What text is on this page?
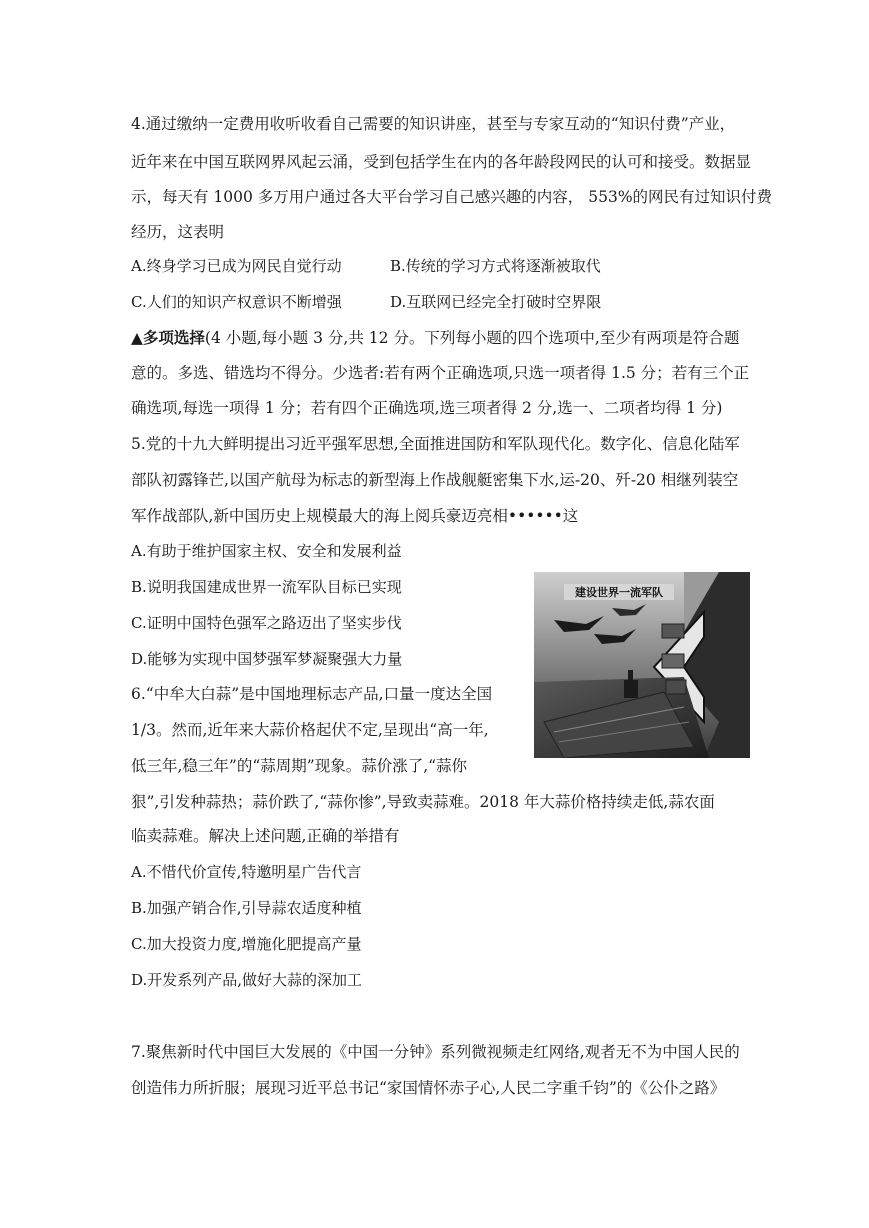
4.通过缴纳一定费用收听收看自己需要的知识讲座，甚至与专家互动的“知识付费”产业，
近年来在中国互联网界风起云涌，受到包括学生在内的各年龄段网民的认可和接受。数据显
示，每天有 1000 多万用户通过各大平台学习自己感兴趣的内容， 553%的网民有过知识付费
经历，这表明
A.终身学习已成为网民自觉行动	B.传统的学习方式将逐渐被取代
C.人们的知识产权意识不断增强	D.互联网已经完全打破时空界限
▲多项选择(4 小题,每小题 3 分,共 12 分。下列每小题的四个选项中,至少有两项是符合题
意的。多选、错选均不得分。少选者:若有两个正确选项,只选一项者得 1.5 分；若有三个正
确选项,每选一项得 1 分；若有四个正确选项,选三项者得 2 分,选一、二项者均得 1 分)
5.党的十九大鲜明提出习近平强军思想,全面推进国防和军队现代化。数字化、信息化陆军
部队初露锋芒,以国产航母为标志的新型海上作战舰艇密集下水,运-20、歼-20 相继列装空
军作战部队,新中国历史上规模最大的海上阅兵豪迈亮相••••••这
A.有助于维护国家主权、安全和发展利益
B.说明我国建成世界一流军队目标已实现
C.证明中国特色强军之路迈出了坚实步伐
D.能够为实现中国梦强军梦凝聚强大力量
建设世界一流军队
6.“中牟大白蒜”是中国地理标志产品,口量一度达全国
1/3。然而,近年来大蒜价格起伏不定,呈现出“高一年,
低三年,稳三年”的“蒜周期”现象。蒜价涨了,“蒜你
狠”,引发种蒜热；蒜价跌了,“蒜你惨”,导致卖蒜难。2018 年大蒜价格持续走低,蒜农面
临卖蒜难。解决上述问题,正确的举措有
A.不惜代价宣传,特邀明星广告代言
B.加强产销合作,引导蒜农适度种植
C.加大投资力度,增施化肥提高产量
D.开发系列产品,做好大蒜的深加工
7.聚焦新时代中国巨大发展的《中国一分钟》系列微视频走红网络,观者无不为中国人民的
创造伟力所折服；展现习近平总书记“家国情怀赤子心,人民二字重千钧”的《公仆之路》
